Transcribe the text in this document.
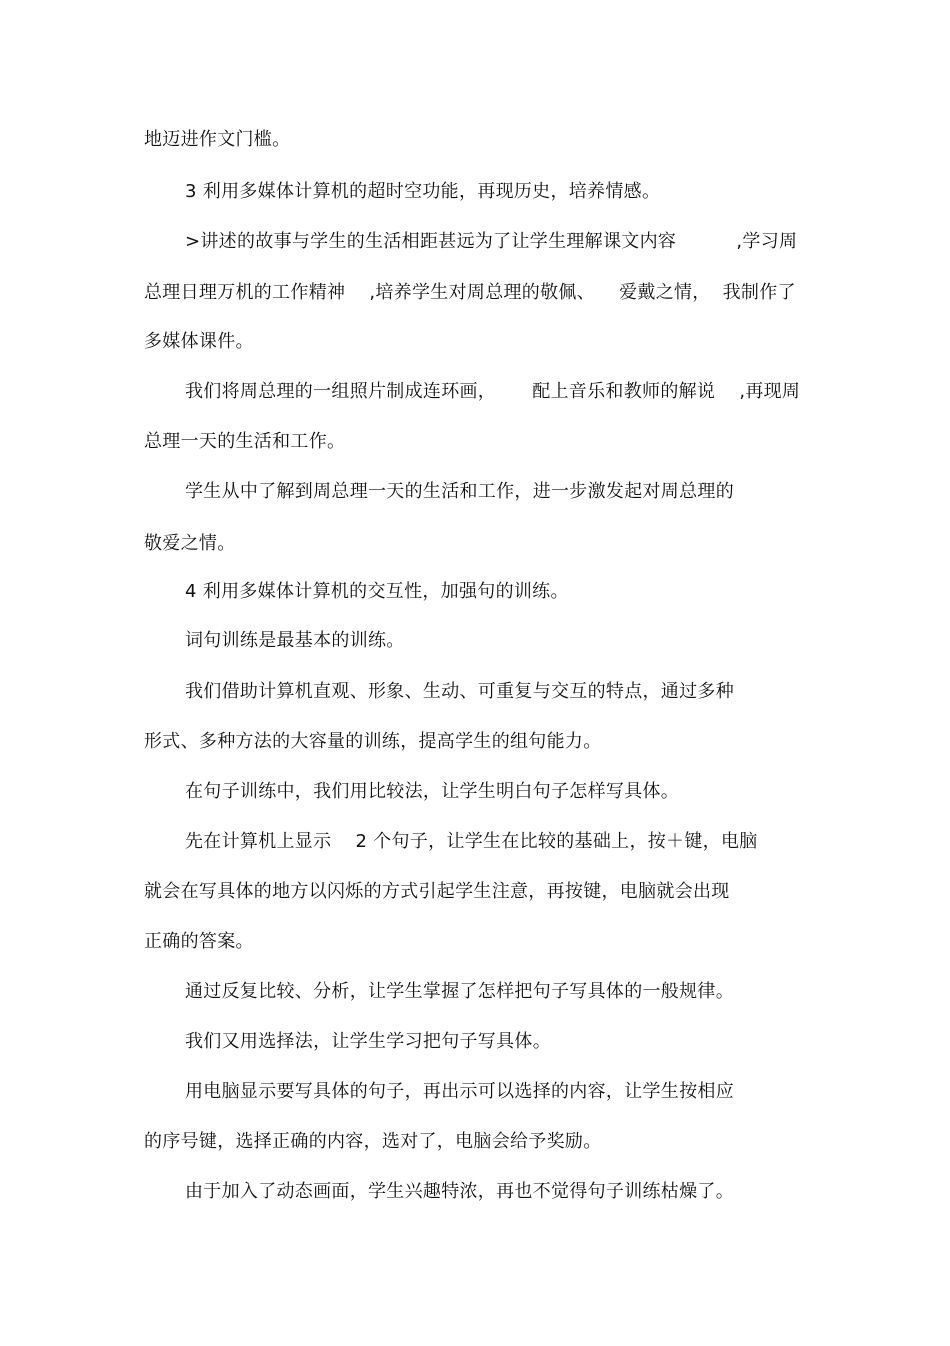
地迈进作文门槛。
3 利用多媒体计算机的超时空功能，再现历史，培养情感。
>讲述的故事与学生的生活相距甚远为了让学生理解课文内容          ,学习周
总理日理万机的工作精神    ,培养学生对周总理的敬佩、    爱戴之情，  我制作了
多媒体课件。
我们将周总理的一组照片制成连环画，      配上音乐和教师的解说    ,再现周
总理一天的生活和工作。
学生从中了解到周总理一天的生活和工作，进一步激发起对周总理的
敬爱之情。
4 利用多媒体计算机的交互性，加强句的训练。
词句训练是最基本的训练。
我们借助计算机直观、形象、生动、可重复与交互的特点，通过多种
形式、多种方法的大容量的训练，提高学生的组句能力。
在句子训练中，我们用比较法，让学生明白句子怎样写具体。
先在计算机上显示    2 个句子，让学生在比较的基础上，按＋键，电脑
就会在写具体的地方以闪烁的方式引起学生注意，再按键，电脑就会出现
正确的答案。
通过反复比较、分析，让学生掌握了怎样把句子写具体的一般规律。
我们又用选择法，让学生学习把句子写具体。
用电脑显示要写具体的句子，再出示可以选择的内容，让学生按相应
的序号键，选择正确的内容，选对了，电脑会给予奖励。
由于加入了动态画面，学生兴趣特浓，再也不觉得句子训练枯燥了。
